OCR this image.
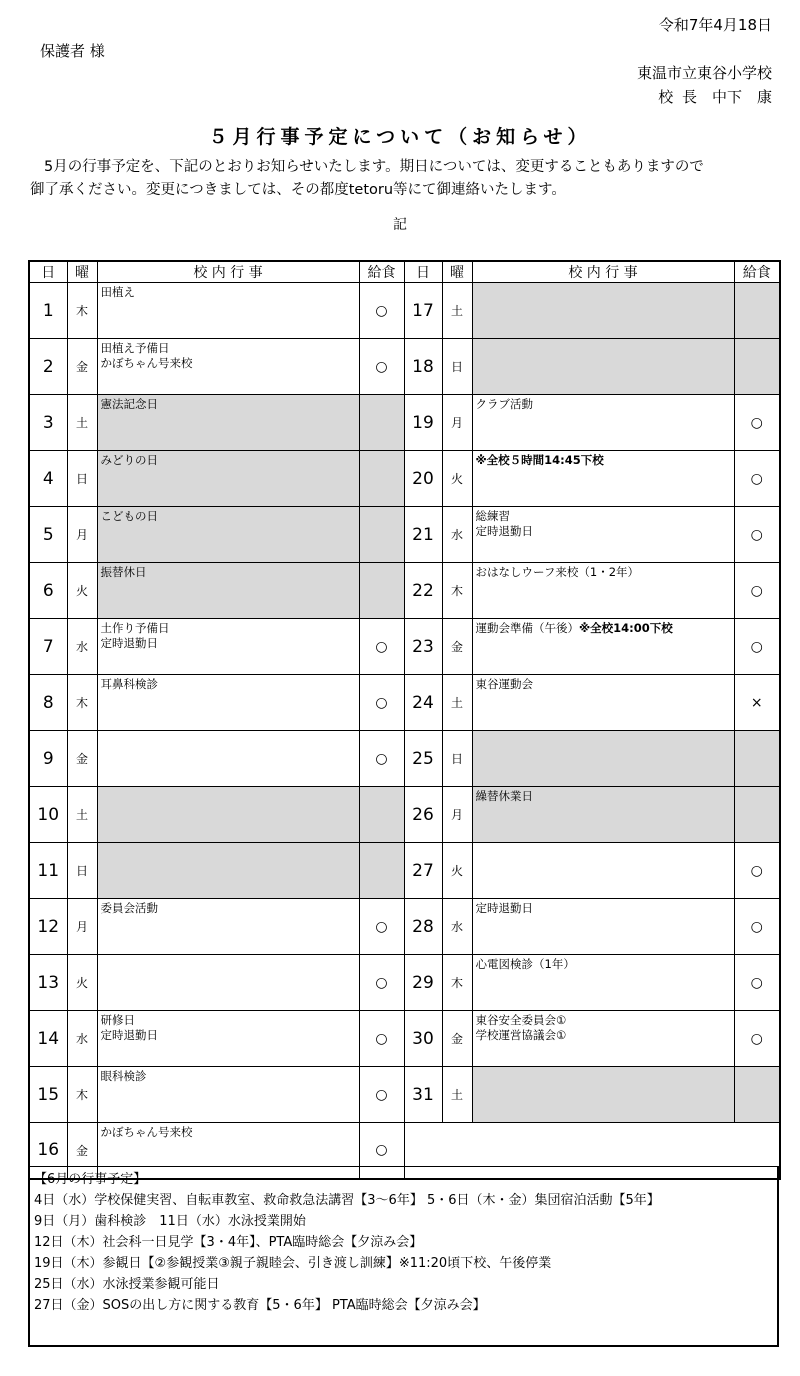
令和7年4月18日
保護者 様
東温市立東谷小学校
校 長　中下　康
５月行事予定について（お知らせ）

5月の行事予定を、下記のとおりお知らせいたします。期日については、変更することもありますので

御了承ください。変更につきましては、その都度tetoru等にて御連絡いたします。
記
日	曜	校 内 行 事	給食	日	曜	校 内 行 事	給食
1	木	田植え	○	17	土		
2	金	田植え予備日
かぼちゃん号来校	○	18	日		
3	土	憲法記念日		19	月	クラブ活動	○
4	日	みどりの日		20	火	※全校５時間14:45下校	○
5	月	こどもの日		21	水	総練習
定時退勤日	○
6	火	振替休日		22	木	おはなしウーフ来校（1・2年）	○
7	水	土作り予備日
定時退勤日	○	23	金	運動会準備（午後）※全校14:00下校	○
8	木	耳鼻科検診	○	24	土	東谷運動会	×
9	金		○	25	日		
10	土			26	月	繰替休業日	

11	日			27	火		○
12	月	委員会活動	○	28	水	定時退勤日	○
13	火		○	29	木	心電図検診（1年）	○
14	水	研修日
定時退勤日	○	30	金	東谷安全委員会①
学校運営協議会①	○
15	木	眼科検診	○	31	土		
16	金	かぼちゃん号来校	○				
【6月の行事予定】
4日（水）学校保健実習、自転車教室、救命救急法講習【3～6年】 5・6日（木・金）集団宿泊活動【5年】
9日（月）歯科検診　11日（水）水泳授業開始
12日（木）社会科一日見学【3・4年】、PTA臨時総会【夕涼み会】
19日（木）参観日【②参観授業③親子親睦会、引き渡し訓練】※11:20頃下校、午後停業
25日（水）水泳授業参観可能日
27日（金）SOSの出し方に関する教育【5・6年】 PTA臨時総会【夕涼み会】
